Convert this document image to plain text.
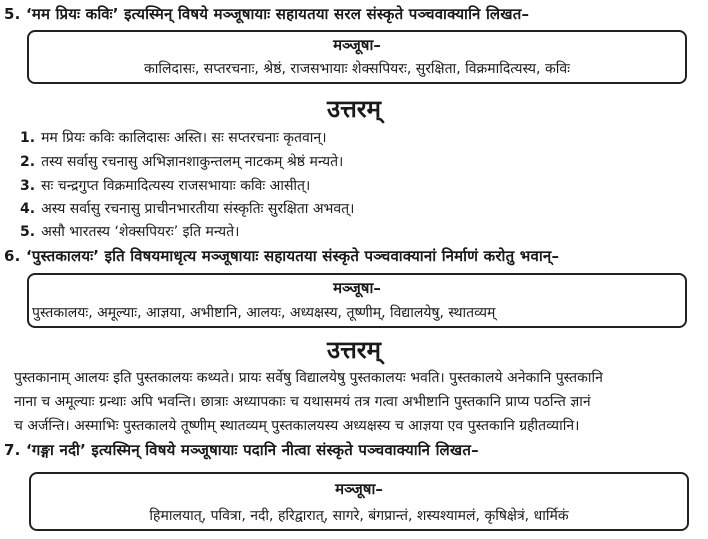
5. ‘मम प्रियः कविः’ इत्यस्मिन् विषये मञ्जूषायाः सहायतया सरल संस्कृते पञ्चवाक्यानि लिखत–
मञ्जूषा–
कालिदासः, सप्तरचनाः, श्रेष्ठं, राजसभायाः शेक्सपियरः, सुरक्षिता, विक्रमादित्यस्य, कविः
उत्तरम्
1. मम प्रियः कविः कालिदासः अस्ति। सः सप्तरचनाः कृतवान्।
2. तस्य सर्वासु रचनासु अभिज्ञानशाकुन्तलम् नाटकम् श्रेष्ठं मन्यते।
3. सः चन्द्रगुप्त विक्रमादित्यस्य राजसभायाः कविः आसीत्।
4. अस्य सर्वासु रचनासु प्राचीनभारतीया संस्कृतिः सुरक्षिता अभवत्।
5. असौ भारतस्य ‘शेक्सपियरः’ इति मन्यते।
6. ‘पुस्तकालयः’ इति विषयमाधृत्य मञ्जूषायाः सहायतया संस्कृते पञ्चवाक्यानां निर्माणं करोतु भवान्–
मञ्जूषा–
पुस्तकालयः, अमूल्याः, आज्ञया, अभीष्टानि, आलयः, अध्यक्षस्य, तूष्णीम्, विद्यालयेषु, स्थातव्यम्
उत्तरम्
पुस्तकानाम् आलयः इति पुस्तकालयः कथ्यते। प्रायः सर्वेषु विद्यालयेषु पुस्तकालयः भवति। पुस्तकालये अनेकानि पुस्तकानि
नाना च अमूल्याः ग्रन्थाः अपि भवन्ति। छात्राः अध्यापकाः च यथासमयं तत्र गत्वा अभीष्टानि पुस्तकानि प्राप्य पठन्ति ज्ञानं
च अर्जन्ति। अस्माभिः पुस्तकालये तूष्णीम् स्थातव्यम् पुस्तकालयस्य अध्यक्षस्य च आज्ञया एव पुस्तकानि ग्रहीतव्यानि।
7. ‘गङ्गा नदी’ इत्यस्मिन् विषये मञ्जूषायाः पदानि नीत्वा संस्कृते पञ्चवाक्यानि लिखत–
मञ्जूषा–
हिमालयात्, पवित्रा, नदी, हरिद्वारात्, सागरे, बंगप्रान्तं, शस्यश्यामलं, कृषिक्षेत्रं, धार्मिकं
